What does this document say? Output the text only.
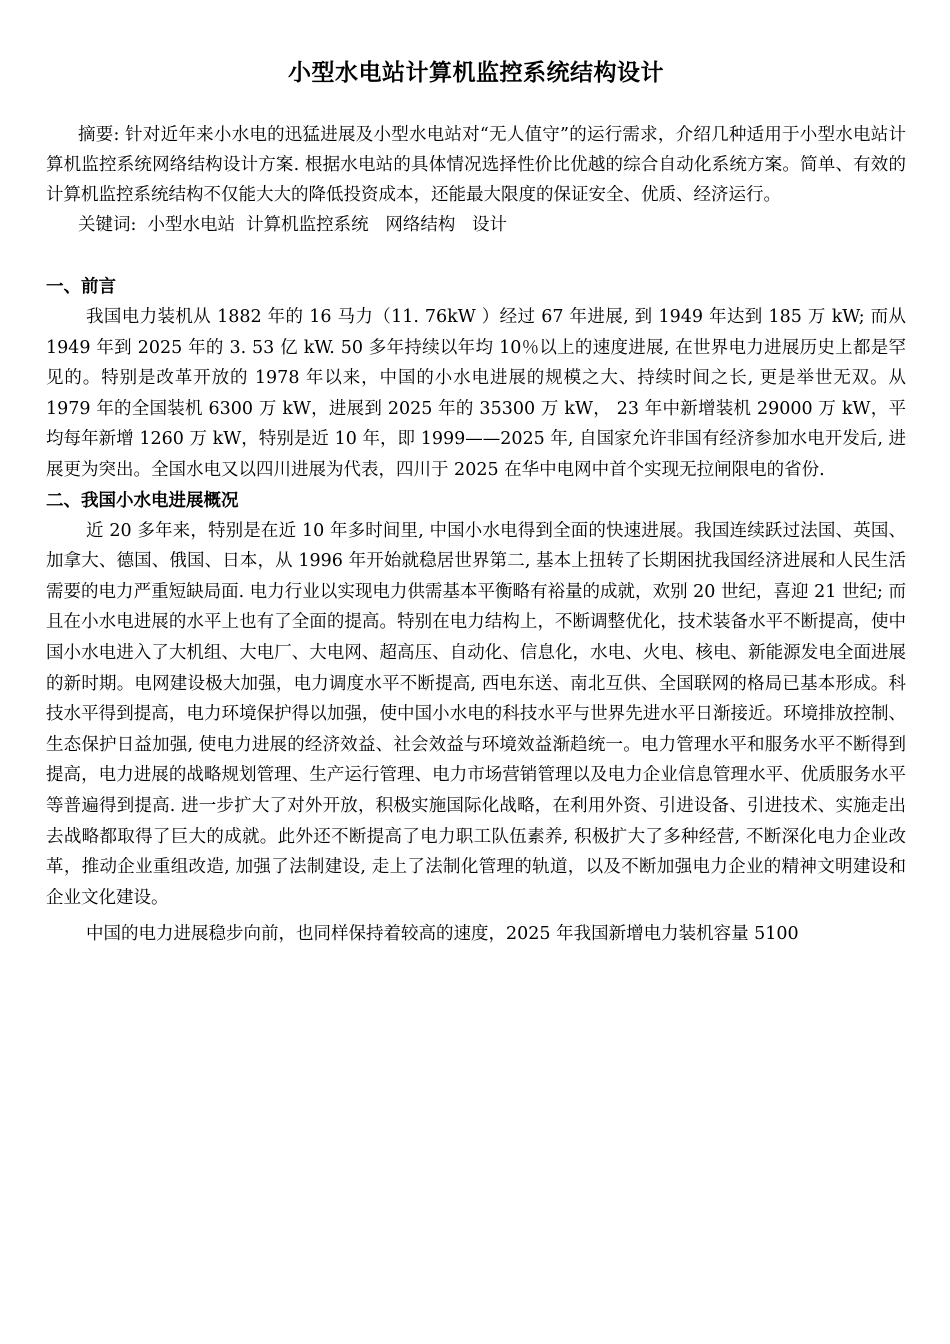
小型水电站计算机监控系统结构设计

摘要: 针对近年来小水电的迅猛进展及小型水电站对“无人值守”的运行需求，介绍几种适用于小型水电站计算机监控系统网络结构设计方案. 根据水电站的具体情况选择性价比优越的综合自动化系统方案。简单、有效的计算机监控系统结构不仅能大大的降低投资成本，还能最大限度的保证安全、优质、经济运行。

关键词:  小型水电站  计算机监控系统   网络结构   设计

一、前言

我国电力装机从 1882 年的 16 马力（11. 76kW ）经过 67 年进展, 到 1949 年达到 185 万 kW; 而从 1949 年到 2025 年的 3. 53 亿 kW. 50 多年持续以年均 10％以上的速度进展, 在世界电力进展历史上都是罕见的。特别是改革开放的 1978 年以来，中国的小水电进展的规模之大、持续时间之长, 更是举世无双。从 1979 年的全国装机 6300 万 kW，进展到 2025 年的 35300 万 kW， 23 年中新增装机 29000 万 kW，平均每年新增 1260 万 kW，特别是近 10 年，即 1999——2025 年, 自国家允许非国有经济参加水电开发后, 进展更为突出。全国水电又以四川进展为代表，四川于 2025 在华中电网中首个实现无拉闸限电的省份.

二、我国小水电进展概况

近 20 多年来，特别是在近 10 年多时间里, 中国小水电得到全面的快速进展。我国连续跃过法国、英国、加拿大、德国、俄国、日本，从 1996 年开始就稳居世界第二, 基本上扭转了长期困扰我国经济进展和人民生活需要的电力严重短缺局面. 电力行业以实现电力供需基本平衡略有裕量的成就，欢别 20 世纪，喜迎 21 世纪; 而且在小水电进展的水平上也有了全面的提高。特别在电力结构上，不断调整优化，技术装备水平不断提高，使中国小水电进入了大机组、大电厂、大电网、超高压、自动化、信息化，水电、火电、核电、新能源发电全面进展的新时期。电网建设极大加强，电力调度水平不断提高, 西电东送、南北互供、全国联网的格局已基本形成。科技水平得到提高，电力环境保护得以加强，使中国小水电的科技水平与世界先进水平日渐接近。环境排放控制、生态保护日益加强, 使电力进展的经济效益、社会效益与环境效益渐趋统一。电力管理水平和服务水平不断得到提高，电力进展的战略规划管理、生产运行管理、电力市场营销管理以及电力企业信息管理水平、优质服务水平等普遍得到提高. 进一步扩大了对外开放，积极实施国际化战略，在利用外资、引进设备、引进技术、实施走出去战略都取得了巨大的成就。此外还不断提高了电力职工队伍素养, 积极扩大了多种经营, 不断深化电力企业改革，推动企业重组改造, 加强了法制建设, 走上了法制化管理的轨道，以及不断加强电力企业的精神文明建设和企业文化建设。

中国的电力进展稳步向前，也同样保持着较高的速度，2025 年我国新增电力装机容量 5100
